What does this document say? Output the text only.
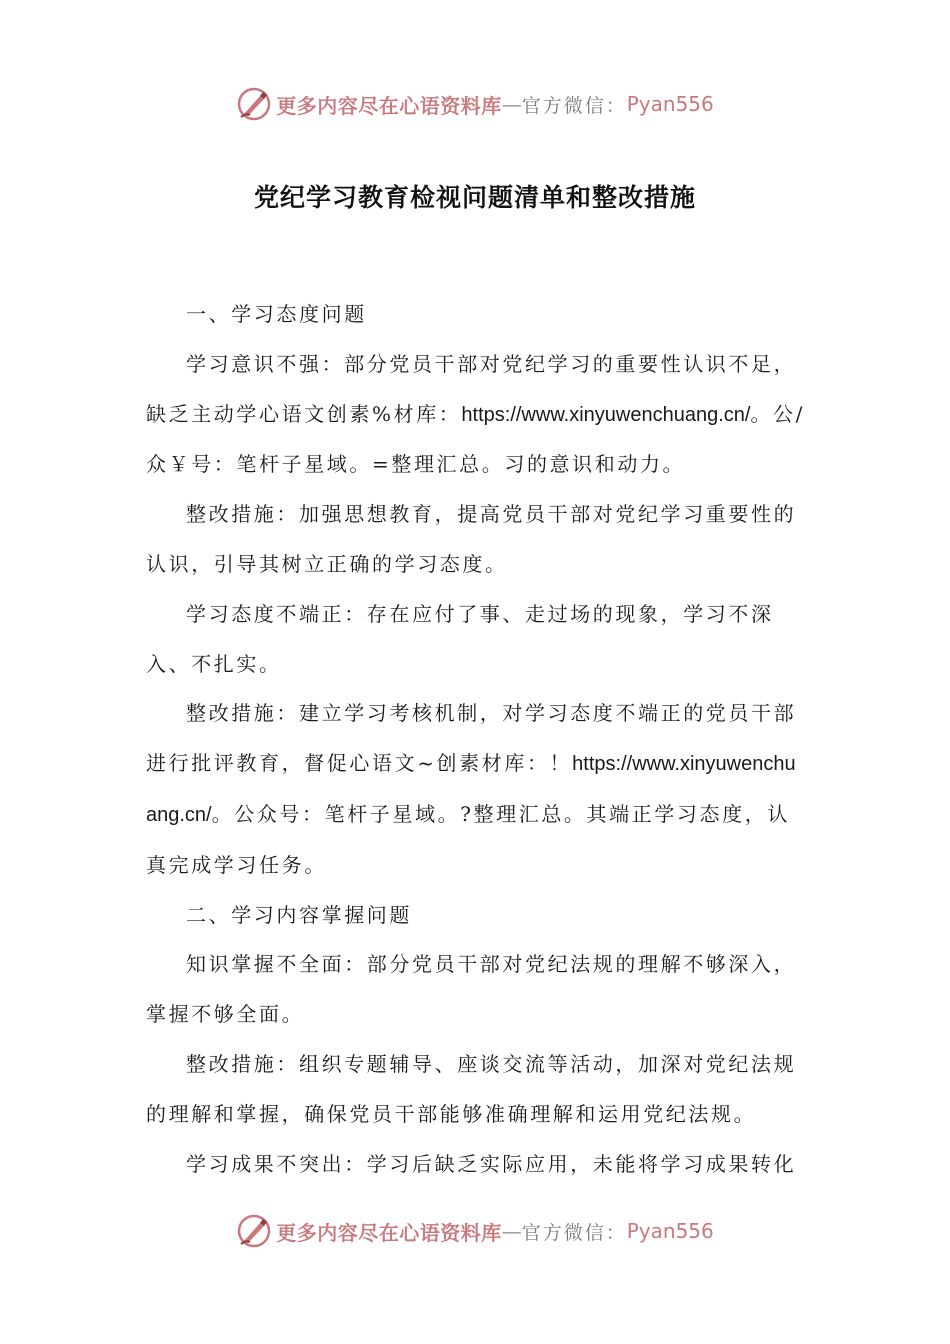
更多内容尽在心语资料库 — 官方微信： Pyan556
党纪学习教育检视问题清单和整改措施

一、学习态度问题

学习意识不强：部分党员干部对党纪学习的重要性认识不足，缺乏主动学心语文创素%材库：https://www.xinyuwenchuang.cn/。公/众￥号：笔杆子星域。=整理汇总。习的意识和动力。

整改措施：加强思想教育，提高党员干部对党纪学习重要性的认识，引导其树立正确的学习态度。

学习态度不端正：存在应付了事、走过场的现象，学习不深入、不扎实。

整改措施：建立学习考核机制，对学习态度不端正的党员干部进行批评教育，督促心语文~创素材库：！https://www.xinyuwenchuang.cn/。公众号：笔杆子星域。?整理汇总。其端正学习态度，认真完成学习任务。

二、学习内容掌握问题

知识掌握不全面：部分党员干部对党纪法规的理解不够深入，掌握不够全面。

整改措施：组织专题辅导、座谈交流等活动，加深对党纪法规的理解和掌握，确保党员干部能够准确理解和运用党纪法规。

学习成果不突出：学习后缺乏实际应用，未能将学习成果转化

更多内容尽在心语资料库 — 官方微信： Pyan556
